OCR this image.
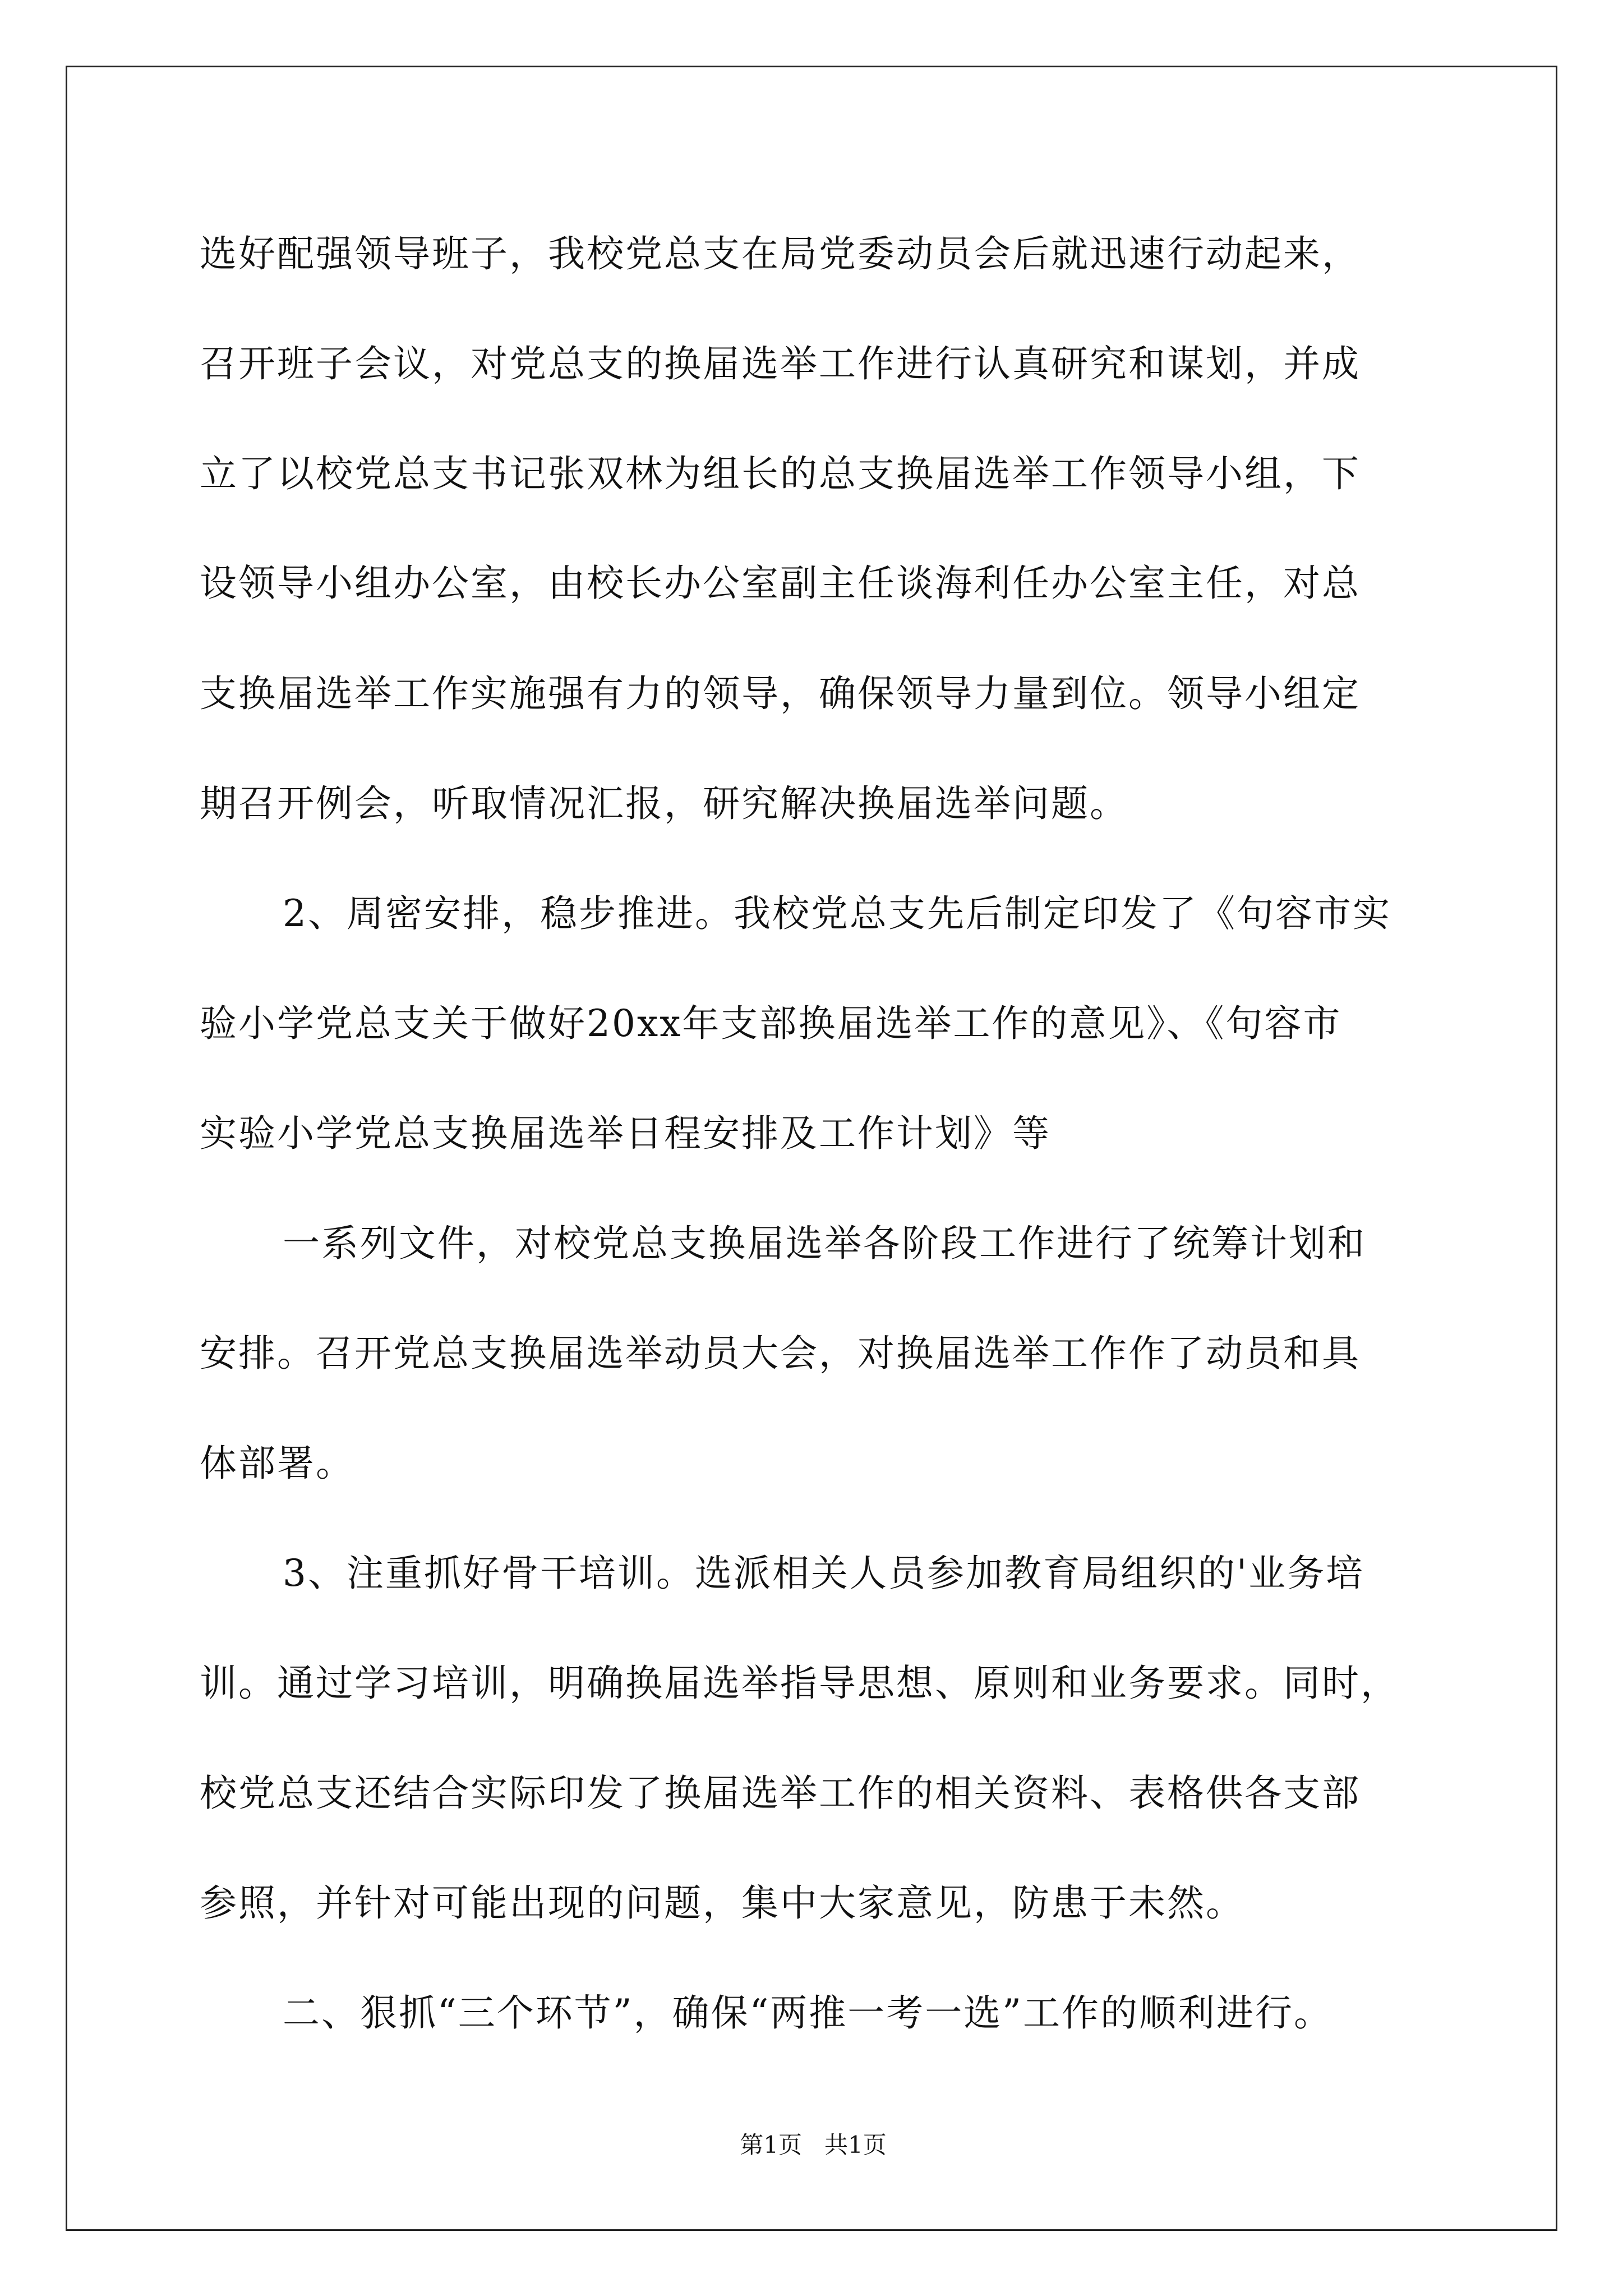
选好配强领导班子，我校党总支在局党委动员会后就迅速行动起来，
召开班子会议，对党总支的换届选举工作进行认真研究和谋划，并成
立了以校党总支书记张双林为组长的总支换届选举工作领导小组，下
设领导小组办公室，由校长办公室副主任谈海利任办公室主任，对总
支换届选举工作实施强有力的领导，确保领导力量到位。领导小组定
期召开例会，听取情况汇报，研究解决换届选举问题。
2、周密安排，稳步推进。我校党总支先后制定印发了《句容市实
验小学党总支关于做好20xx年支部换届选举工作的意见》、《句容市
实验小学党总支换届选举日程安排及工作计划》等
一系列文件，对校党总支换届选举各阶段工作进行了统筹计划和
安排。召开党总支换届选举动员大会，对换届选举工作作了动员和具
体部署。
3、注重抓好骨干培训。选派相关人员参加教育局组织的'业务培
训。通过学习培训，明确换届选举指导思想、原则和业务要求。同时，
校党总支还结合实际印发了换届选举工作的相关资料、表格供各支部
参照，并针对可能出现的问题，集中大家意见，防患于未然。
二、狠抓“三个环节”，确保“两推一考一选”工作的顺利进行。
第1页   共1页
